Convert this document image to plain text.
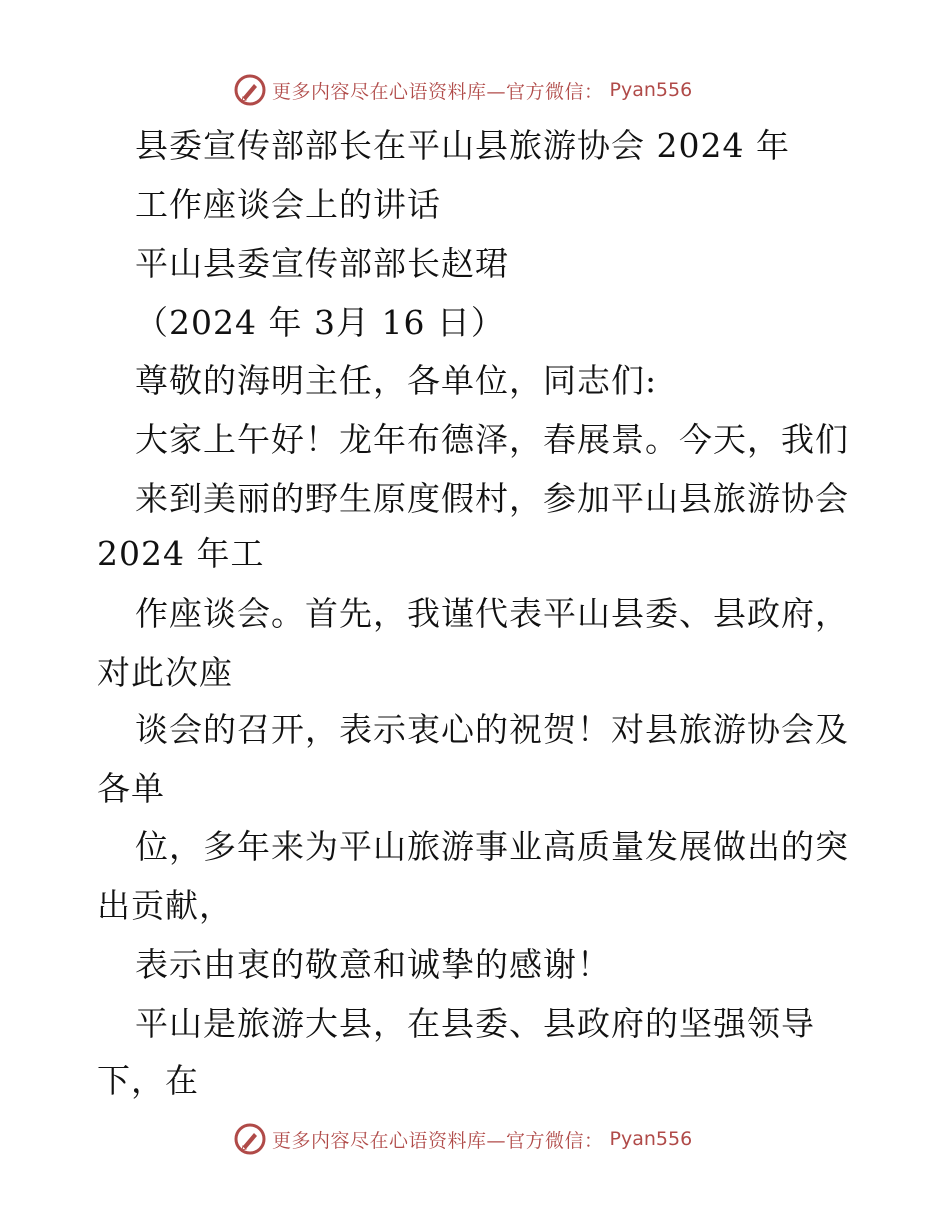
更多内容尽在心语资料库—官方微信： Pyan556
县委宣传部部长在平山县旅游协会 2024 年
工作座谈会上的讲话
平山县委宣传部部长赵珺
（2024 年 3月 16 日）
尊敬的海明主任，各单位，同志们:
大家上午好！龙年布德泽，春展景。今天，我们
来到美丽的野生原度假村，参加平山县旅游协会
2024 年工
作座谈会。首先，我谨代表平山县委、县政府，
对此次座
谈会的召开，表示衷心的祝贺！对县旅游协会及
各单
位，多年来为平山旅游事业高质量发展做出的突
出贡献，
表示由衷的敬意和诚挚的感谢！
平山是旅游大县，在县委、县政府的坚强领导
下，在
更多内容尽在心语资料库—官方微信： Pyan556
